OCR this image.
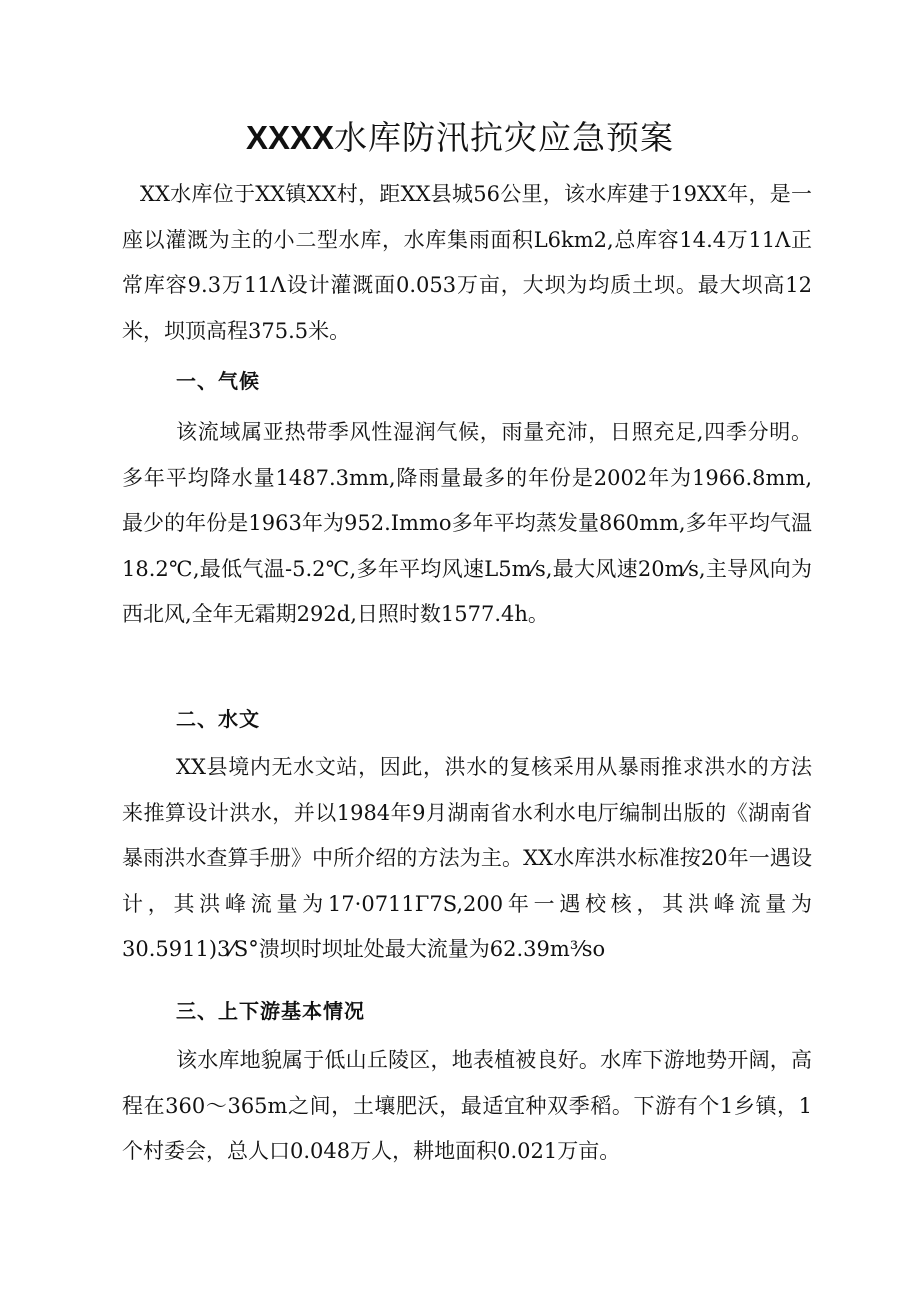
XXXX水库防汛抗灾应急预案

XX水库位于XX镇XX村，距XX县城56公里，该水库建于19XX年，是一座以灌溉为主的小二型水库，水库集雨面积L6km2,总库容14.4万11Λ正常库容9.3万11Λ设计灌溉面0.053万亩，大坝为均质土坝。最大坝高12米，坝顶高程375.5米。

一、气候

该流域属亚热带季风性湿润气候，雨量充沛，日照充足,四季分明。多年平均降水量1487.3mm,降雨量最多的年份是2002年为1966.8mm,最少的年份是1963年为952.Immo多年平均蒸发量860mm,多年平均气温18.2℃,最低气温-5.2℃,多年平均风速L5m⁄s,最大风速20m⁄s,主导风向为西北风,全年无霜期292d,日照时数1577.4h。

二、水文

XX县境内无水文站，因此，洪水的复核采用从暴雨推求洪水的方法来推算设计洪水，并以1984年9月湖南省水利水电厅编制出版的《湖南省暴雨洪水查算手册》中所介绍的方法为主。XX水库洪水标准按20年一遇设计，其洪峰流量为17·0711Γ7S,200年一遇校核，其洪峰流量为30.5911)3⁄S°溃坝时坝址处最大流量为62.39m³⁄so

三、上下游基本情况

该水库地貌属于低山丘陵区，地表植被良好。水库下游地势开阔，高程在360～365m之间，土壤肥沃，最适宜种双季稻。下游有个1乡镇，1个村委会，总人口0.048万人，耕地面积0.021万亩。
